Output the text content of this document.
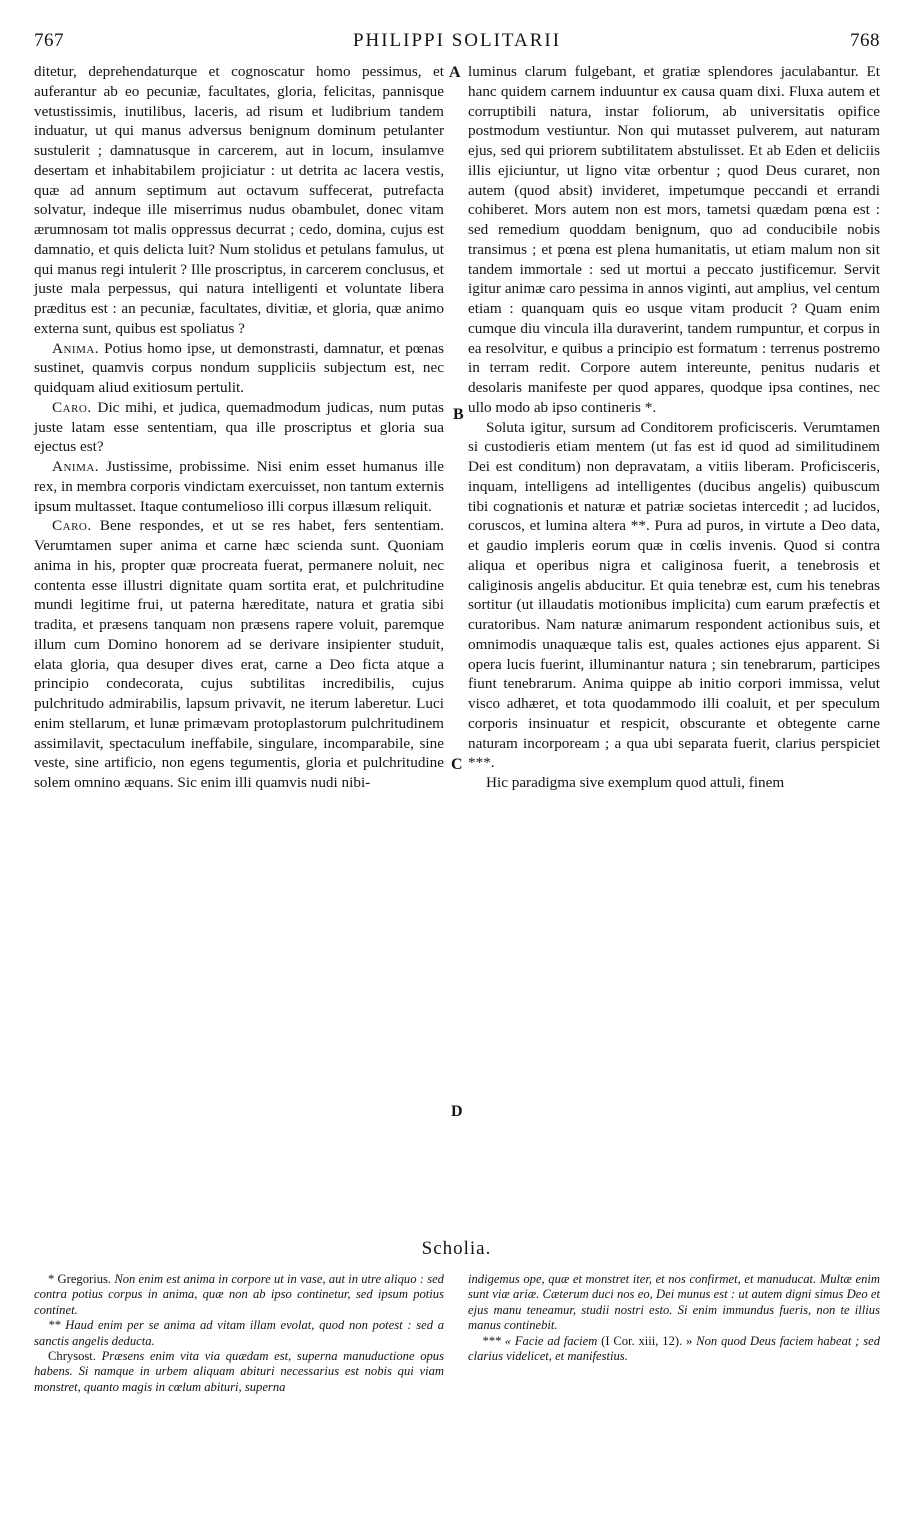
767	PHILIPPI SOLITARII	768

ditetur, deprehendaturque et cognoscatur homo pessimus, et auferantur ab eo pecuniæ, facultates, gloria, felicitas, pannisque vetustissimis, inutilibus, laceris, ad risum et ludibrium tandem induatur, ut qui manus adversus benignum dominum petulanter sustulerit ; damnatusque in carcerem, aut in locum, insulamve desertam et inhabitabilem projiciatur : ut detrita ac lacera vestis, quæ ad annum septimum aut octavum suffecerat, putrefacta solvatur, indeque ille miserrimus nudus obambulet, donec vitam ærumnosam tot malis oppressus decurrat ; cedo, domina, cujus est damnatio, et quis delicta luit? Num stolidus et petulans famulus, ut qui manus regi intulerit ? Ille proscriptus, in carcerem conclusus, et juste mala perpessus, qui natura intelligenti et voluntate libera præditus est : an pecuniæ, facultates, divitiæ, et gloria, quæ animo externa sunt, quibus est spoliatus ?

Anima. Potius homo ipse, ut demonstrasti, damnatur, et pœnas sustinet, quamvis corpus nondum suppliciis subjectum est, nec quidquam aliud exitiosum pertulit.

Caro. Dic mihi, et judica, quemadmodum judicas, num putas juste latam esse sententiam, qua ille proscriptus et gloria sua ejectus est?

Anima. Justissime, probissime. Nisi enim esset humanus ille rex, in membra corporis vindictam exercuisset, non tantum externis ipsum multasset. Itaque contumelioso illi corpus illæsum reliquit.

Caro. Bene respondes, et ut se res habet, fers sententiam. Verumtamen super anima et carne hæc scienda sunt. Quoniam anima in his, propter quæ procreata fuerat, permanere noluit, nec contenta esse illustri dignitate quam sortita erat, et pulchritudine mundi legitime frui, ut paterna hæreditate, natura et gratia sibi tradita, et præsens tanquam non præsens rapere voluit, paremque illum cum Domino honorem ad se derivare insipienter studuit, elata gloria, qua desuper dives erat, carne a Deo ficta atque a principio condecorata, cujus subtilitas incredibilis, cujus pulchritudo admirabilis, lapsum privavit, ne iterum laberetur. Luci enim stellarum, et lunæ primævam protoplastorum pulchritudinem assimilavit, spectaculum ineffabile, singulare, incomparabile, sine veste, sine artificio, non egens tegumentis, gloria et pulchritudine solem omnino æquans. Sic enim illi quamvis nudi nibi-

A
B
C
D

luminus clarum fulgebant, et gratiæ splendores jaculabantur. Et hanc quidem carnem induuntur ex causa quam dixi. Fluxa autem et corruptibili natura, instar foliorum, ab universitatis opifice postmodum vestiuntur. Non qui mutasset pulverem, aut naturam ejus, sed qui priorem subtilitatem abstulisset. Et ab Eden et deliciis illis ejiciuntur, ut ligno vitæ orbentur ; quod Deus curaret, non autem (quod absit) invideret, impetumque peccandi et errandi cohiberet. Mors autem non est mors, tametsi quædam pœna est : sed remedium quoddam benignum, quo ad conducibile nobis transimus ; et pœna est plena humanitatis, ut etiam malum non sit tandem immortale : sed ut mortui a peccato justificemur. Servit igitur animæ caro pessima in annos viginti, aut amplius, vel centum etiam : quanquam quis eo usque vitam producit ? Quam enim cumque diu vincula illa duraverint, tandem rumpuntur, et corpus in ea resolvitur, e quibus a principio est formatum : terrenus postremo in terram redit. Corpore autem intereunte, penitus nudaris et desolaris manifeste per quod appares, quodque ipsa contines, nec ullo modo ab ipso contineris *.

Soluta igitur, sursum ad Conditorem proficisceris. Verumtamen si custodieris etiam mentem (ut fas est id quod ad similitudinem Dei est conditum) non depravatam, a vitiis liberam. Proficisceris, inquam, intelligens ad intelligentes (ducibus angelis) quibuscum tibi cognationis et naturæ et patriæ societas intercedit ; ad lucidos, coruscos, et lumina altera **. Pura ad puros, in virtute a Deo data, et gaudio impleris eorum quæ in cœlis invenis. Quod si contra aliqua et operibus nigra et caliginosa fuerit, a tenebrosis et caliginosis angelis abducitur. Et quia tenebræ est, cum his tenebras sortitur (ut illaudatis motionibus implicita) cum earum præfectis et curatoribus. Nam naturæ animarum respondent actionibus suis, et omnimodis unaquæque talis est, quales actiones ejus apparent. Si opera lucis fuerint, illuminantur natura ; sin tenebrarum, participes fiunt tenebrarum. Anima quippe ab initio corpori immissa, velut visco adhæret, et tota quodammodo illi coaluit, et per speculum corporis insinuatur et respicit, obscurante et obtegente carne naturam incorpoream ; a qua ubi separata fuerit, clarius perspiciet ***.

Hic paradigma sive exemplum quod attuli, finem

Scholia.

* Gregorius. Non enim est anima in corpore ut in vase, aut in utre aliquo : sed contra potius corpus in anima, quæ non ab ipso continetur, sed ipsum potius continet.

** Haud enim per se anima ad vitam illam evolat, quod non potest : sed a sanctis angelis deducta.

Chrysost. Præsens enim vita via quædam est, superna manuductione opus habens. Si namque in urbem aliquam abituri necessarius est nobis qui viam monstret, quanto magis in cœlum abituri, superna

indigemus ope, quæ et monstret iter, et nos confirmet, et manuducat. Multæ enim sunt viæ ariæ. Cæterum duci nos eo, Dei munus est : ut autem digni simus Deo et ejus manu teneamur, studii nostri esto. Si enim immundus fueris, non te illius manus continebit.

*** « Facie ad faciem (I Cor. xiii, 12). » Non quod Deus faciem habeat ; sed clarius videlicet, et manifestius.
